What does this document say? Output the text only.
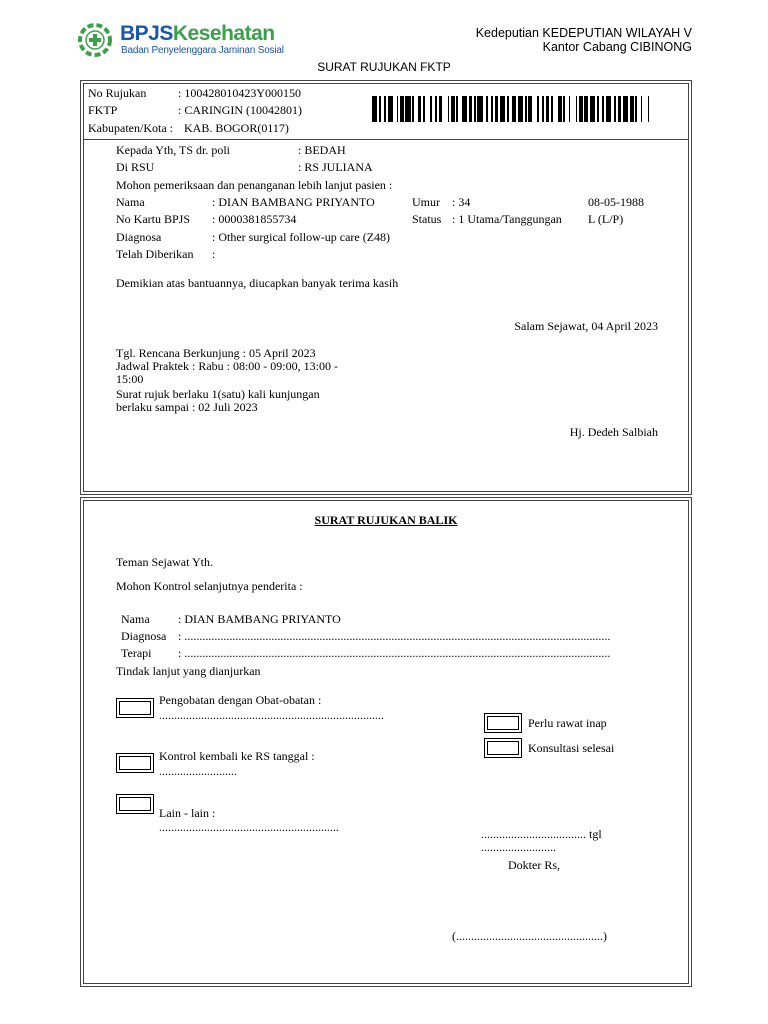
BPJSKesehatan
Badan Penyelenggara Jaminan Sosial
Kedeputian KEDEPUTIAN WILAYAH V
Kantor Cabang CIBINONG
SURAT RUJUKAN FKTP
No Rujukan	: 100428010423Y000150
FKTP	: CARINGIN (10042801)
Kabupaten/Kota : KAB. BOGOR(0117)
Kepada Yth, TS dr. poli	: BEDAH
Di RSU	: RS JULIANA
Mohon pemeriksaan dan penanganan lebih lanjut pasien :
Nama	: DIAN BAMBANG PRIYANTO	Umur : 34	08-05-1988
No Kartu BPJS : 0000381855734	Status : 1 Utama/Tanggungan L (L/P)
Diagnosa	: Other surgical follow-up care (Z48)
Telah Diberikan :
Demikian atas bantuannya, diucapkan banyak terima kasih
Salam Sejawat, 04 April 2023
Tgl. Rencana Berkunjung : 05 April 2023
Jadwal Praktek : Rabu : 08:00 - 09:00, 13:00 -
15:00
Surat rujuk berlaku 1(satu) kali kunjungan
berlaku sampai : 02 Juli 2023
Hj. Dedeh Salbiah
SURAT RUJUKAN BALIK
Teman Sejawat Yth.
Mohon Kontrol selanjutnya penderita :
Nama : DIAN BAMBANG PRIYANTO
Diagnosa : ..............................................................................................................................................
Terapi : ..............................................................................................................................................
Tindak lanjut yang dianjurkan
Pengobatan dengan Obat-obatan :
...........................................................................
Perlu rawat inap
Konsultasi selesai
Kontrol kembali ke RS tanggal :
..........................
Lain - lain :
............................................................	................................... tgl
.........................
Dokter Rs,
(.................................................)
